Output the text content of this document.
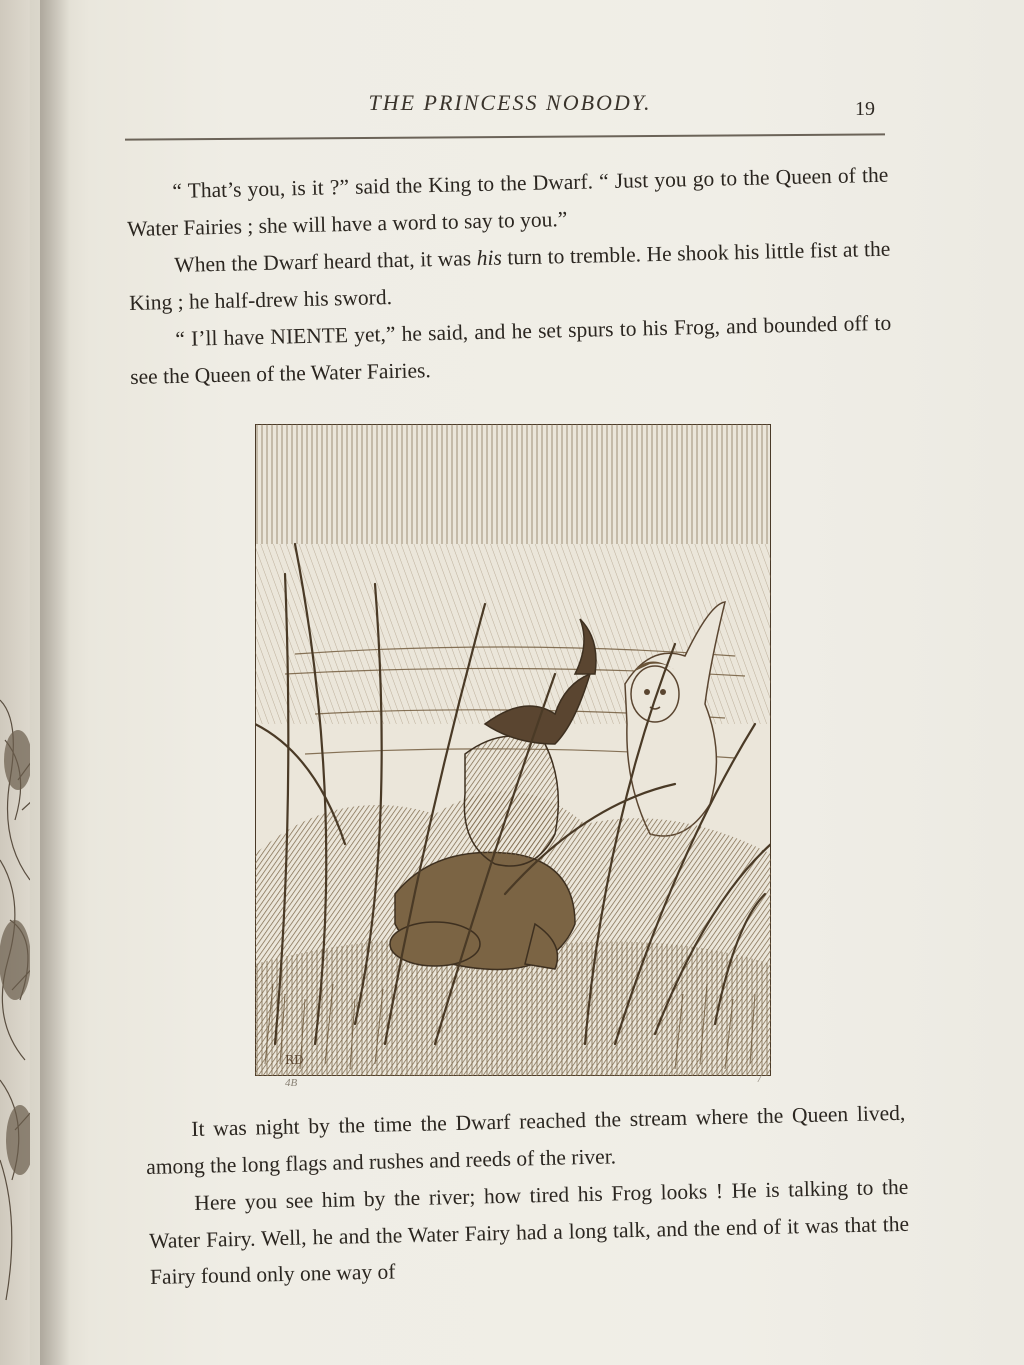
THE PRINCESS NOBODY.	19

“ That’s you, is it ?” said the King to the Dwarf. “ Just you go to the Queen of the Water Fairies ; she will have a word to say to you.”

When the Dwarf heard that, it was his turn to tremble. He shook his little fist at the King ; he half-drew his sword.

“ I’ll have NIENTE yet,” he said, and he set spurs to his Frog, and bounded off to see the Queen of the Water Fairies.

RD
4B	/

It was night by the time the Dwarf reached the stream where the Queen lived, among the long flags and rushes and reeds of the river.

Here you see him by the river; how tired his Frog looks ! He is talking to the Water Fairy. Well, he and the Water Fairy had a long talk, and the end of it was that the Fairy found only one way of
